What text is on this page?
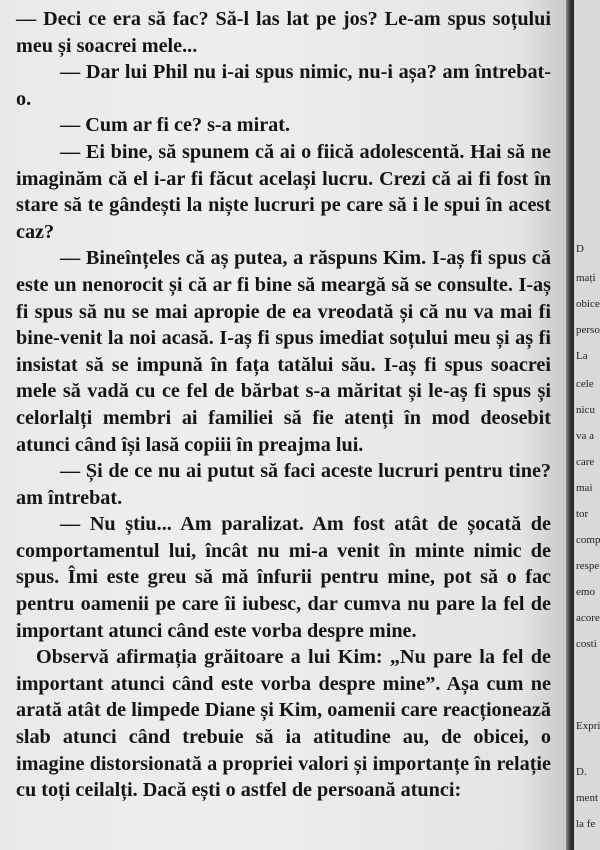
— Deci ce era să fac? Să-l las lat pe jos? Le-am spus soțului meu și soacrei mele...

— Dar lui Phil nu i-ai spus nimic, nu-i așa? am întrebat-o.

— Cum ar fi ce? s-a mirat.

— Ei bine, să spunem că ai o fiică adolescentă. Hai să ne imaginăm că el i-ar fi făcut același lucru. Crezi că ai fi fost în stare să te gândești la niște lucruri pe care să i le spui în acest caz?

— Bineînțeles că aș putea, a răspuns Kim. I-aș fi spus că este un nenorocit și că ar fi bine să meargă să se consulte. I-aș fi spus să nu se mai apropie de ea vreodată și că nu va mai fi bine-venit la noi acasă. I-aș fi spus imediat soțului meu și aș fi insistat să se impună în fața tatălui său. I-aș fi spus soacrei mele să vadă cu ce fel de bărbat s-a măritat și le-aș fi spus și celorlalți membri ai familiei să fie atenți în mod deosebit atunci când își lasă copiii în preajma lui.

— Și de ce nu ai putut să faci aceste lucruri pentru tine? am întrebat.

— Nu știu... Am paralizat. Am fost atât de șocată de comportamentul lui, încât nu mi-a venit în minte nimic de spus. Îmi este greu să mă înfurii pentru mine, pot să o fac pentru oamenii pe care îi iubesc, dar cumva nu pare la fel de important atunci când este vorba despre mine.

Observă afirmația grăitoare a lui Kim: „Nu pare la fel de important atunci când este vorba despre mine”. Așa cum ne arată atât de limpede Diane și Kim, oamenii care reacționează slab atunci când trebuie să ia atitudine au, de obicei, o imagine distorsionată a propriei valori și importanțe în relație cu toți ceilalți. Dacă ești o astfel de persoană atunci:

D
mați
obice
perso
La
cele
nicu
va a
care
mai
tor
comp
respe
emo
acore
costi
Expri
D.
ment
la fe
